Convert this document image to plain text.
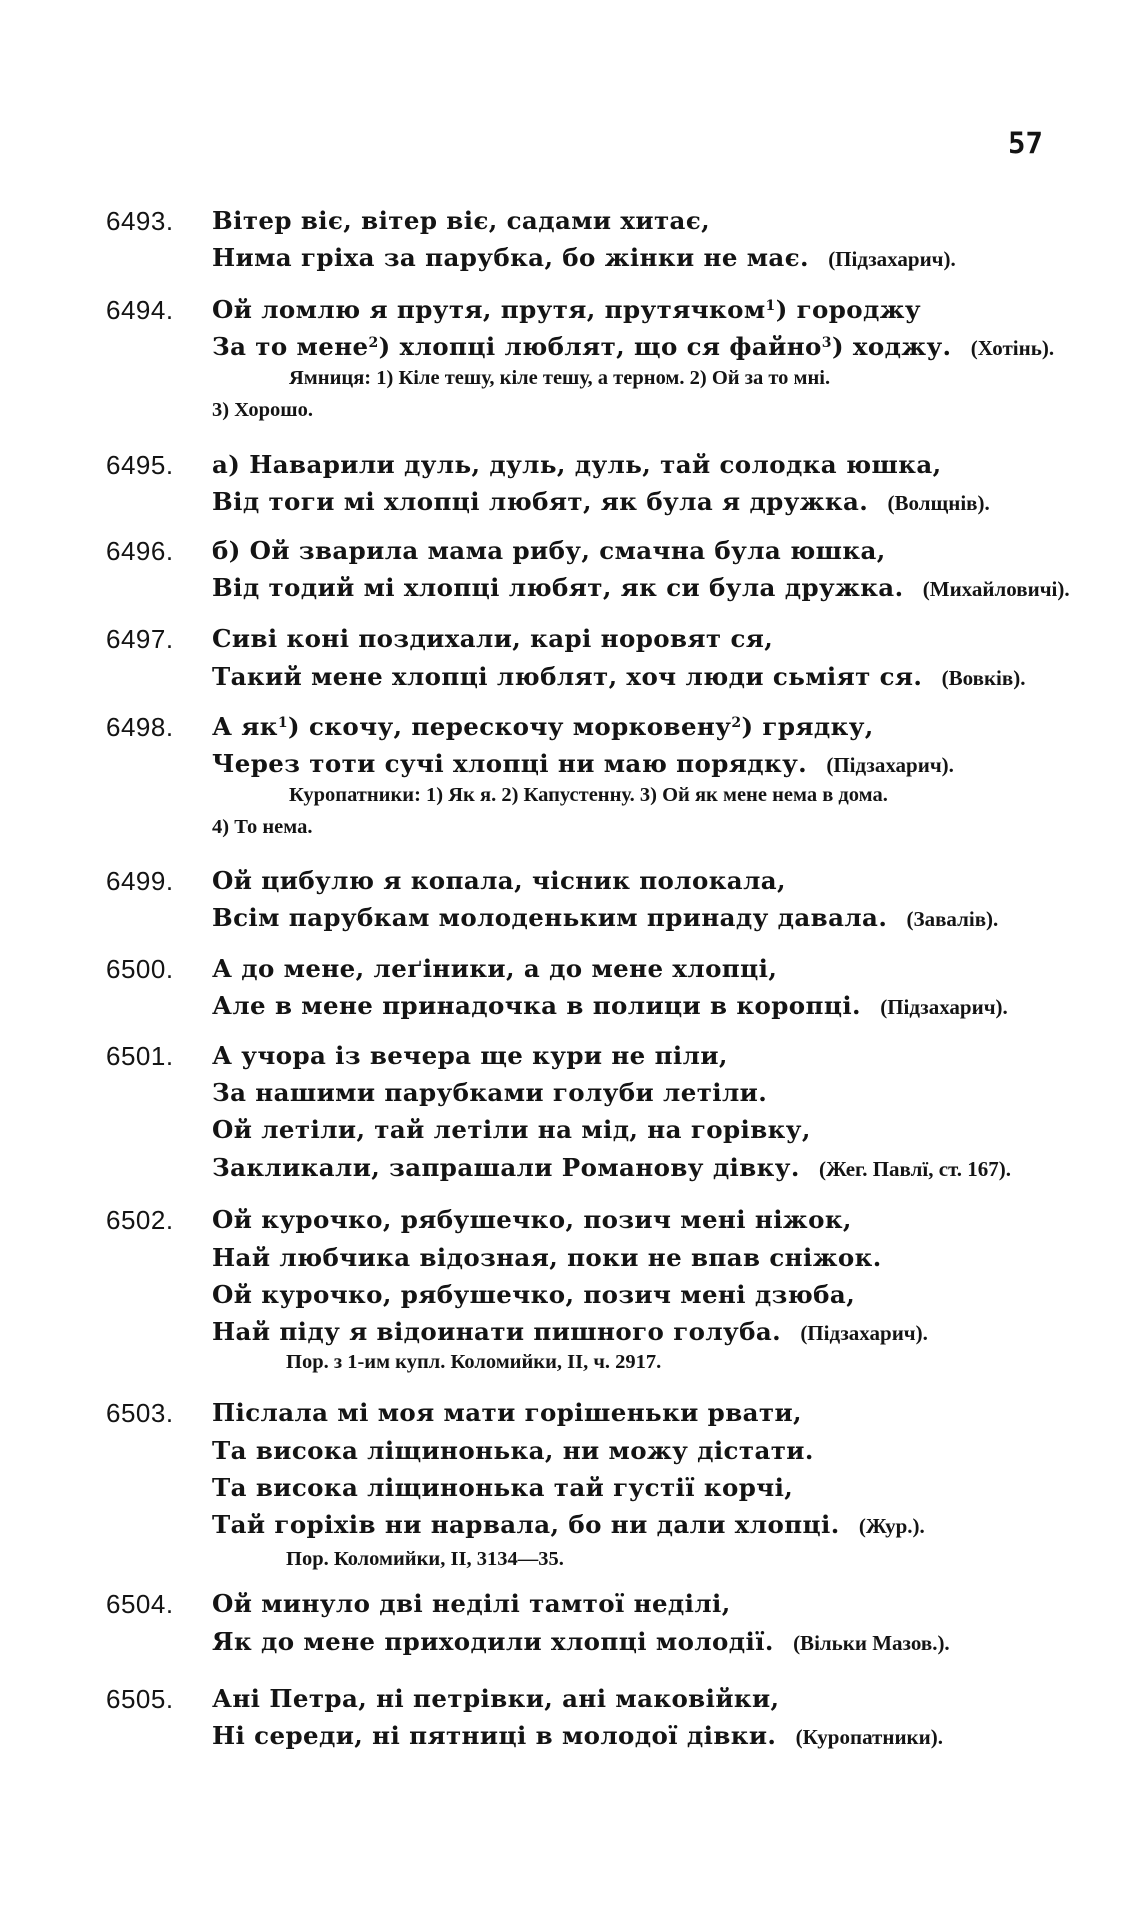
57
6493. Вітер віє, вітер віє, садами хитає,
Нима гріха за парубка, бо жінки не має. (Підзахарич).
6494. Ой ломлю я прутя, прутя, прутячком$^1$) городжу
За то мене$^2$) хлопці люблят, що ся файно$^3$) ходжу. (Хотінь).
Ямниця: 1) Кіле тешу, кіле тешу, а терном. 2) Ой за то мні.
3) Хорошо.
6495. а) Наварили дуль, дуль, дуль, тай солодка юшка,
Від тоги мі хлопці любят, як була я дружка. (Волщнів).
6496. б) Ой зварила мама рибу, смачна була юшка,
Від тодий мі хлопці любят, як си була дружка. (Михайловичі).
6497. Сиві коні поздихали, карі норовят ся,
Такий мене хлопці люблят, хоч люди сьміят ся. (Вовків).
6498. А $як^1$) скочу, перескочу морковену$^2$) грядку,
Через тоти сучі хлопці ни маю порядку. (Підзахарич).
Куропатники: 1) Як я. 2) Капустенну. 3) Ой як мене нема в дома.
4) То нема.
6499. Ой цибулю я копала, чісник полокала,
Всім парубкам молоденьким принаду давала. (Завалів).
6500. А до мене, леґіники, а до мене хлопці,
Але в мене принадочка в полици в коропці. (Підзахарич).
6501. А учора із вечера ще кури не піли,
За нашими парубками голуби летіли.
Ой летіли, тай летіли на мід, на горівку,
Закликали, запрашали Романову дівку. (Жег. Павлї, ст. 167).
6502. Ой курочко, рябушечко, позич мені ніжок,
Най любчика відозная, поки не впав сніжок.
Ой курочко, рябушечко, позич мені дзюба,
Най піду я відоинати пишного голуба. (Підзахарич).
Пор. з 1-им купл. Коломийки, II, ч. 2917.
6503. Післала мі моя мати горішеньки рвати,
Та висока ліщинонька, ни можу дістати.
Та висока ліщинонька тай густії корчі,
Тай горіхів ни нарвала, бо ни дали хлопці. (Жур.).
Пор. Коломийки, II, 3134—35.
6504. Ой минуло дві неділі тамтої неділі,
Як до мене приходили хлопці молодії. (Вільки Мазов.).
6505. Ані Петра, ні петрівки, ані маковійки,
Ні середи, ні пятниці в молодої дівки. (Куропатники).
